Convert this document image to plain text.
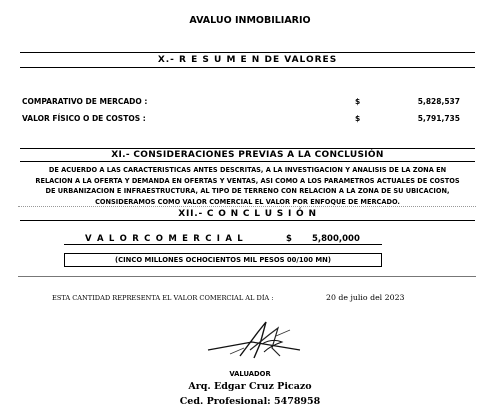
AVALUO INMOBILIARIO
X.- R E S U M E N DE VALORES
COMPARATIVO DE MERCADO :	$	5,828,537
VALOR FÍSICO O DE COSTOS :	$	5,791,735
XI.- CONSIDERACIONES PREVIAS A LA CONCLUSIÓN
DE ACUERDO A LAS CARACTERISTICAS ANTES DESCRITAS, A LA INVESTIGACION Y ANALISIS DE LA ZONA EN
RELACION A LA OFERTA Y DEMANDA EN OFERTAS Y VENTAS, ASI COMO A LOS PARAMETROS ACTUALES DE COSTOS
DE URBANIZACION E INFRAESTRUCTURA, AL TIPO DE TERRENO CON RELACION A LA ZONA DE SU UBICACION,
CONSIDERAMOS COMO VALOR COMERCIAL EL VALOR POR ENFOQUE DE MERCADO.
XII.- C O N C L U S I Ó N
V A L O R C O M E R C I A L	$ 5,800,000
(CINCO MILLONES OCHOCIENTOS MIL PESOS 00/100 MN)
ESTA CANTIDAD REPRESENTA EL VALOR COMERCIAL AL DÍA :	20 de julio del 2023
VALUADOR
Arq. Edgar Cruz Picazo
Ced. Profesional: 5478958
